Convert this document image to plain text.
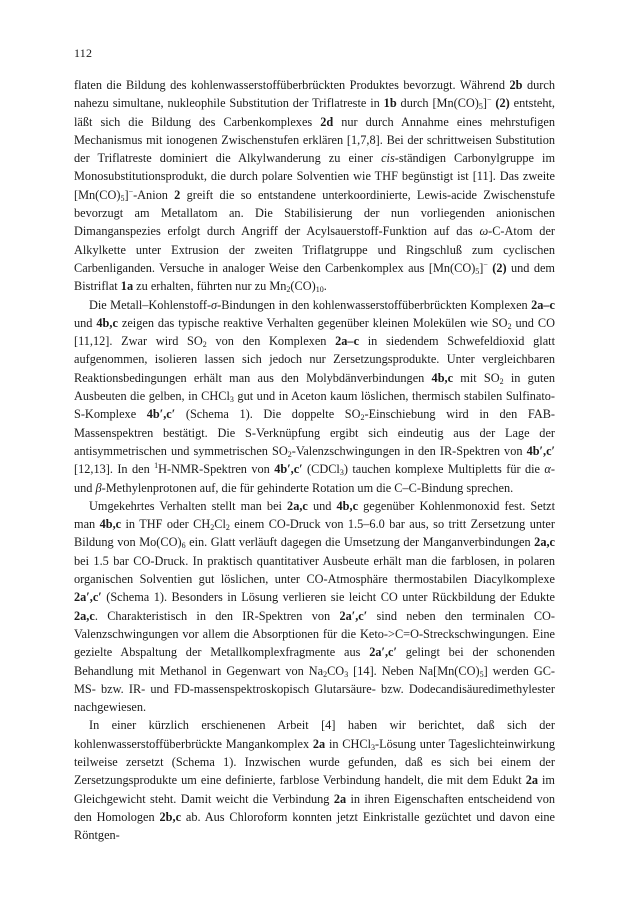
112

flaten die Bildung des kohlenwasserstoffüberbrückten Produktes bevorzugt. Während 2b durch nahezu simultane, nukleophile Substitution der Triflatreste in 1b durch $[Mn(CO)_5]^-$ (2) entsteht, läßt sich die Bildung des Carbenkomplexes 2d nur durch Annahme eines mehrstufigen Mechanismus mit ionogenen Zwischenstufen erklären [1,7,8]. Bei der schrittweisen Substitution der Triflatreste dominiert die Alkylwanderung zu einer cis-ständigen Carbonylgruppe im Monosubstitutionsprodukt, die durch polare Solventien wie THF begünstigt ist [11]. Das zweite $[Mn(CO)_5]^-$-Anion 2 greift die so entstandene unterkoordinierte, Lewis-acide Zwischenstufe bevorzugt am Metallatom an. Die Stabilisierung der nun vorliegenden anionischen Dimanganspezies erfolgt durch Angriff der Acylsauerstoff-Funktion auf das ω-C-Atom der Alkylkette unter Extrusion der zweiten Triflatgruppe und Ringschluß zum cyclischen Carbenliganden. Versuche in analoger Weise den Carbenkomplex aus $[Mn(CO)_5]^-$ (2) und dem Bistriflat 1a zu erhalten, führten nur zu $Mn_2(CO)_{10}$.

Die Metall–Kohlenstoff-σ-Bindungen in den kohlenwasserstoffüberbrückten Komplexen 2a–c und 4b,c zeigen das typische reaktive Verhalten gegenüber kleinen Molekülen wie $SO_2$ und CO [11,12]. Zwar wird $SO_2$ von den Komplexen 2a–c in siedendem Schwefeldioxid glatt aufgenommen, isolieren lassen sich jedoch nur Zersetzungsprodukte. Unter vergleichbaren Reaktionsbedingungen erhält man aus den Molybdänverbindungen 4b,c mit $SO_2$ in guten Ausbeuten die gelben, in CHCl$_3$ gut und in Aceton kaum löslichen, thermisch stabilen Sulfinato-S-Komplexe 4b′,c′ (Schema 1). Die doppelte $SO_2$-Einschiebung wird in den FAB-Massenspektren bestätigt. Die S-Verknüpfung ergibt sich eindeutig aus der Lage der antisymmetrischen und symmetrischen $SO_2$-Valenzschwingungen in den IR-Spektren von 4b′,c′ [12,13]. In den $^1$H-NMR-Spektren von 4b′,c′ (CDCl$_3$) tauchen komplexe Multipletts für die α- und β-Methylenprotonen auf, die für gehinderte Rotation um die C–C-Bindung sprechen.

Umgekehrtes Verhalten stellt man bei 2a,c und 4b,c gegenüber Kohlenmonoxid fest. Setzt man 4b,c in THF oder $CH_2Cl_2$ einem CO-Druck von 1.5–6.0 bar aus, so tritt Zersetzung unter Bildung von $Mo(CO)_6$ ein. Glatt verläuft dagegen die Umsetzung der Manganverbindungen 2a,c bei 1.5 bar CO-Druck. In praktisch quantitativer Ausbeute erhält man die farblosen, in polaren organischen Solventien gut löslichen, unter CO-Atmosphäre thermostabilen Diacylkomplexe 2a′,c′ (Schema 1). Besonders in Lösung verlieren sie leicht CO unter Rückbildung der Edukte 2a,c. Charakteristisch in den IR-Spektren von 2a′,c′ sind neben den terminalen CO-Valenzschwingungen vor allem die Absorptionen für die Keto->C=O-Streckschwingungen. Eine gezielte Abspaltung der Metallkomplexfragmente aus 2a′,c′ gelingt bei der schonenden Behandlung mit Methanol in Gegenwart von $Na_2CO_3$ [14]. Neben $Na[Mn(CO)_5]$ werden GC-MS- bzw. IR- und FD-massenspektroskopisch Glutarsäure- bzw. Dodecandisäuredimethylester nachgewiesen.

In einer kürzlich erschienenen Arbeit [4] haben wir berichtet, daß sich der kohlenwasserstoffüberbrückte Mangankomplex 2a in CHCl$_3$-Lösung unter Tageslichteinwirkung teilweise zersetzt (Schema 1). Inzwischen wurde gefunden, daß es sich bei einem der Zersetzungsprodukte um eine definierte, farblose Verbindung handelt, die mit dem Edukt 2a im Gleichgewicht steht. Damit weicht die Verbindung 2a in ihren Eigenschaften entscheidend von den Homologen 2b,c ab. Aus Chloroform konnten jetzt Einkristalle gezüchtet und davon eine Röntgen-
